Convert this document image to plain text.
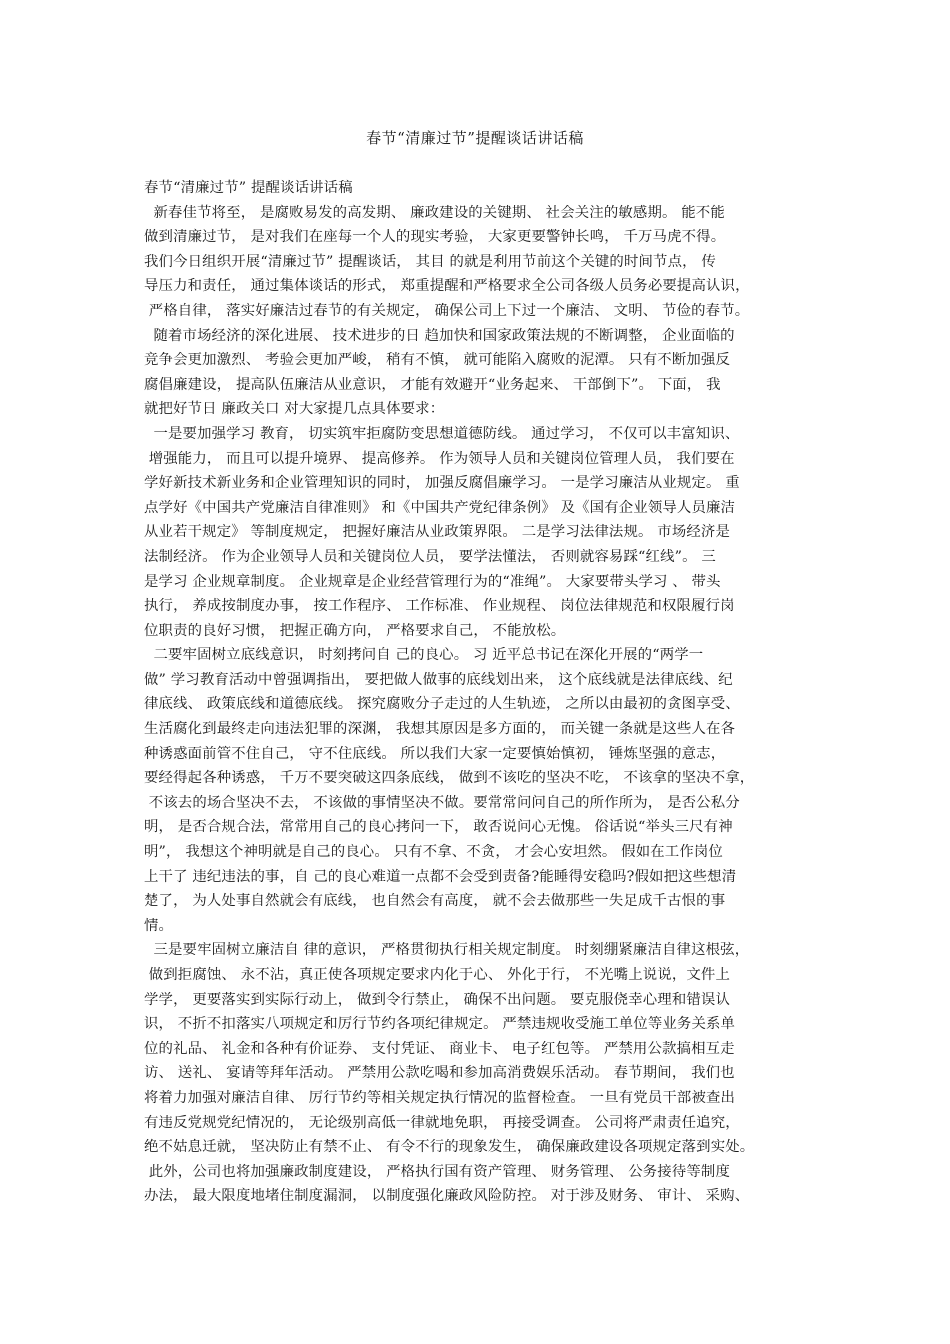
春节“清廉过节”提醒谈话讲话稿
春节“清廉过节” 提醒谈话讲话稿
新春佳节将至， 是腐败易发的高发期、 廉政建设的关键期、 社会关注的敏感期。 能不能
做到清廉过节， 是对我们在座每一个人的现实考验， 大家更要警钟长鸣， 千万马虎不得。
我们今日组织开展“清廉过节” 提醒谈话， 其目 的就是利用节前这个关键的时间节点， 传
导压力和责任， 通过集体谈话的形式， 郑重提醒和严格要求全公司各级人员务必要提高认识，
严格自律， 落实好廉洁过春节的有关规定， 确保公司上下过一个廉洁、 文明、 节俭的春节。
随着市场经济的深化进展、 技术进步的日 趋加快和国家政策法规的不断调整， 企业面临的
竞争会更加激烈、 考验会更加严峻， 稍有不慎， 就可能陷入腐败的泥潭。 只有不断加强反
腐倡廉建设， 提高队伍廉洁从业意识， 才能有效避开“业务起来、 干部倒下”。 下面， 我
就把好节日 廉政关口 对大家提几点具体要求：
一是要加强学习 教育， 切实筑牢拒腐防变思想道德防线。 通过学习， 不仅可以丰富知识、
增强能力， 而且可以提升境界、 提高修养。 作为领导人员和关键岗位管理人员， 我们要在
学好新技术新业务和企业管理知识的同时， 加强反腐倡廉学习。 一是学习廉洁从业规定。 重
点学好《中国共产党廉洁自律准则》 和《中国共产党纪律条例》 及《国有企业领导人员廉洁
从业若干规定》 等制度规定， 把握好廉洁从业政策界限。 二是学习法律法规。 市场经济是
法制经济。 作为企业领导人员和关键岗位人员， 要学法懂法， 否则就容易踩“红线”。 三
是学习 企业规章制度。 企业规章是企业经营管理行为的“准绳”。 大家要带头学习 、 带头
执行， 养成按制度办事， 按工作程序、 工作标准、 作业规程、 岗位法律规范和权限履行岗
位职责的良好习惯， 把握正确方向， 严格要求自己， 不能放松。
二要牢固树立底线意识， 时刻拷问自 己的良心。 习 近平总书记在深化开展的“两学一
做” 学习教育活动中曾强调指出， 要把做人做事的底线划出来， 这个底线就是法律底线、纪
律底线、 政策底线和道德底线。 探究腐败分子走过的人生轨迹， 之所以由最初的贪图享受、
生活腐化到最终走向违法犯罪的深渊， 我想其原因是多方面的， 而关键一条就是这些人在各
种诱惑面前管不住自己， 守不住底线。 所以我们大家一定要慎始慎初， 锤炼坚强的意志，
要经得起各种诱惑， 千万不要突破这四条底线， 做到不该吃的坚决不吃， 不该拿的坚决不拿，
不该去的场合坚决不去， 不该做的事情坚决不做。要常常问问自己的所作所为， 是否公私分
明， 是否合规合法，常常用自己的良心拷问一下， 敢否说问心无愧。 俗话说“举头三尺有神
明”， 我想这个神明就是自己的良心。 只有不拿、不贪， 才会心安坦然。 假如在工作岗位
上干了 违纪违法的事，自 己的良心难道一点都不会受到责备?能睡得安稳吗?假如把这些想清
楚了， 为人处事自然就会有底线， 也自然会有高度， 就不会去做那些一失足成千古恨的事
情。
三是要牢固树立廉洁自 律的意识， 严格贯彻执行相关规定制度。 时刻绷紧廉洁自律这根弦，
做到拒腐蚀、 永不沾，真正使各项规定要求内化于心、 外化于行， 不光嘴上说说，文件上
学学， 更要落实到实际行动上， 做到令行禁止， 确保不出问题。 要克服侥幸心理和错误认
识， 不折不扣落实八项规定和厉行节约各项纪律规定。 严禁违规收受施工单位等业务关系单
位的礼品、 礼金和各种有价证券、 支付凭证、 商业卡、 电子红包等。 严禁用公款搞相互走
访、 送礼、 宴请等拜年活动。 严禁用公款吃喝和参加高消费娱乐活动。 春节期间， 我们也
将着力加强对廉洁自律、 厉行节约等相关规定执行情况的监督检查。 一旦有党员干部被查出
有违反党规党纪情况的， 无论级别高低一律就地免职， 再接受调查。 公司将严肃责任追究，
绝不姑息迁就， 坚决防止有禁不止、 有令不行的现象发生， 确保廉政建设各项规定落到实处。
此外，公司也将加强廉政制度建设， 严格执行国有资产管理、 财务管理、 公务接待等制度
办法， 最大限度地堵住制度漏洞， 以制度强化廉政风险防控。 对于涉及财务、 审计、 采购、
